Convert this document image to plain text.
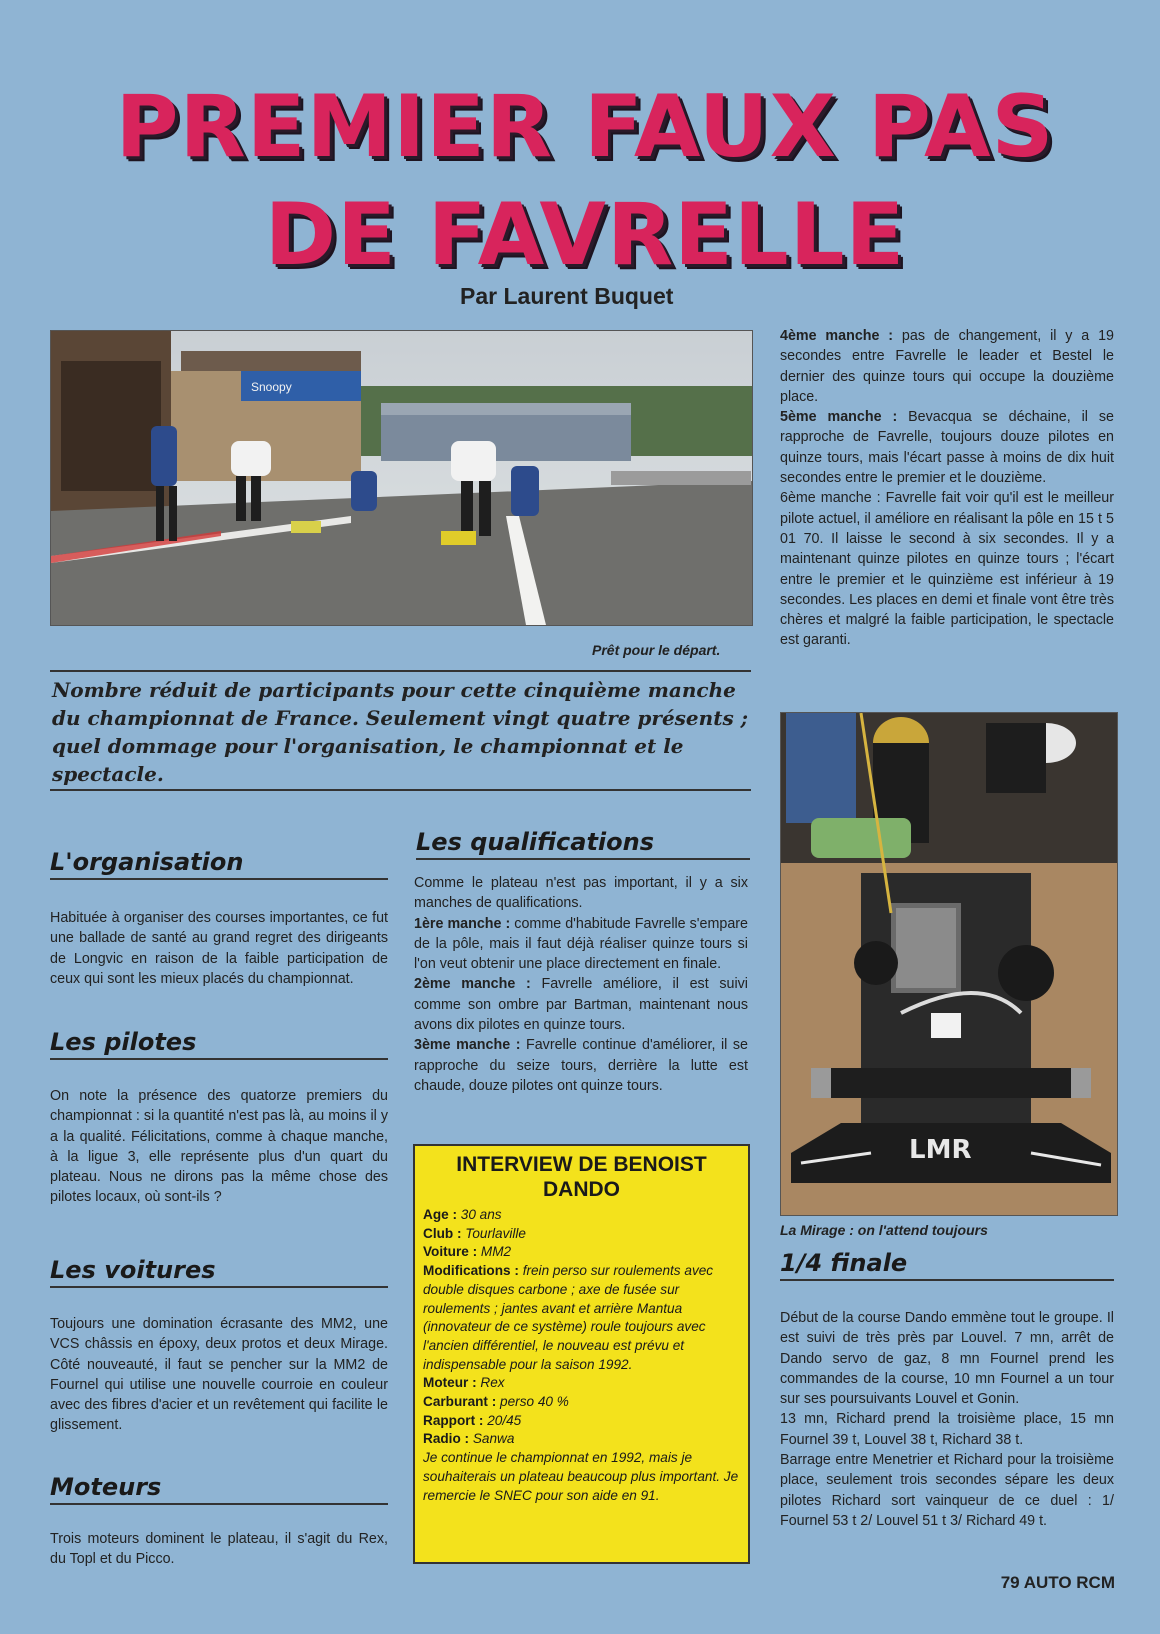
PREMIER FAUX PAS
DE FAVRELLE
Par Laurent Buquet
Snoopy
Prêt pour le départ.
Nombre réduit de participants pour cette cinquième manche du championnat de France. Seulement vingt quatre présents ; quel dommage pour l'organisation, le championnat et le spectacle.
L'organisation
Habituée à organiser des courses importantes, ce fut une ballade de santé au grand regret des dirigeants de Longvic en raison de la faible participation de ceux qui sont les mieux placés du championnat.
Les pilotes
On note la présence des quatorze premiers du championnat : si la quantité n'est pas là, au moins il y a la qualité. Félicitations, comme à chaque manche, à la ligue 3, elle représente plus d'un quart du plateau. Nous ne dirons pas la même chose des pilotes locaux, où sont-ils ?
Les voitures
Toujours une domination écrasante des MM2, une VCS châssis en époxy, deux protos et deux Mirage. Côté nouveauté, il faut se pencher sur la MM2 de Fournel qui utilise une nouvelle courroie en couleur avec des fibres d'acier et un revêtement qui facilite le glissement.
Moteurs
Trois moteurs dominent le plateau, il s'agit du Rex, du Topl et du Picco.
Les qualifications

Comme le plateau n'est pas important, il y a six manches de qualifications.

1ère manche : comme d'habitude Favrelle s'empare de la pôle, mais il faut déjà réaliser quinze tours si l'on veut obtenir une place directement en finale.

2ème manche : Favrelle améliore, il est suivi comme son ombre par Bartman, maintenant nous avons dix pilotes en quinze tours.

3ème manche : Favrelle continue d'améliorer, il se rapproche du seize tours, derrière la lutte est chaude, douze pilotes ont quinze tours.

INTERVIEW DE BENOIST DANDO
Age : 30 ans
Club : Tourlaville
Voiture : MM2
Modifications : frein perso sur roulements avec double disques carbone ; axe de fusée sur roulements ; jantes avant et arrière Mantua (innovateur de ce système) roule toujours avec l'ancien différentiel, le nouveau est prévu et indispensable pour la saison 1992.
Moteur : Rex
Carburant : perso 40 %
Rapport : 20/45
Radio : Sanwa
Je continue le championnat en 1992, mais je souhaiterais un plateau beaucoup plus important. Je remercie le SNEC pour son aide en 91.

4ème manche : pas de changement, il y a 19 secondes entre Favrelle le leader et Bestel le dernier des quinze tours qui occupe la douzième place.

5ème manche : Bevacqua se déchaine, il se rapproche de Favrelle, toujours douze pilotes en quinze tours, mais l'écart passe à moins de dix huit secondes entre le premier et le douzième.

6ème manche : Favrelle fait voir qu'il est le meilleur pilote actuel, il améliore en réalisant la pôle en 15 t 5 01 70. Il laisse le second à six secondes. Il y a maintenant quinze pilotes en quinze tours ; l'écart entre le premier et le quinzième est inférieur à 19 secondes. Les places en demi et finale vont être très chères et malgré la faible participation, le spectacle est garanti.

LMR
La Mirage : on l'attend toujours
1/4 finale

Début de la course Dando emmène tout le groupe. Il est suivi de très près par Louvel. 7 mn, arrêt de Dando servo de gaz, 8 mn Fournel prend les commandes de la course, 10 mn Fournel a un tour sur ses poursuivants Louvel et Gonin.

13 mn, Richard prend la troisième place, 15 mn Fournel 39 t, Louvel 38 t, Richard 38 t.

Barrage entre Menetrier et Richard pour la troisième place, seulement trois secondes sépare les deux pilotes Richard sort vainqueur de ce duel : 1/ Fournel 53 t 2/ Louvel 51 t 3/ Richard 49 t.

79 AUTO RCM
